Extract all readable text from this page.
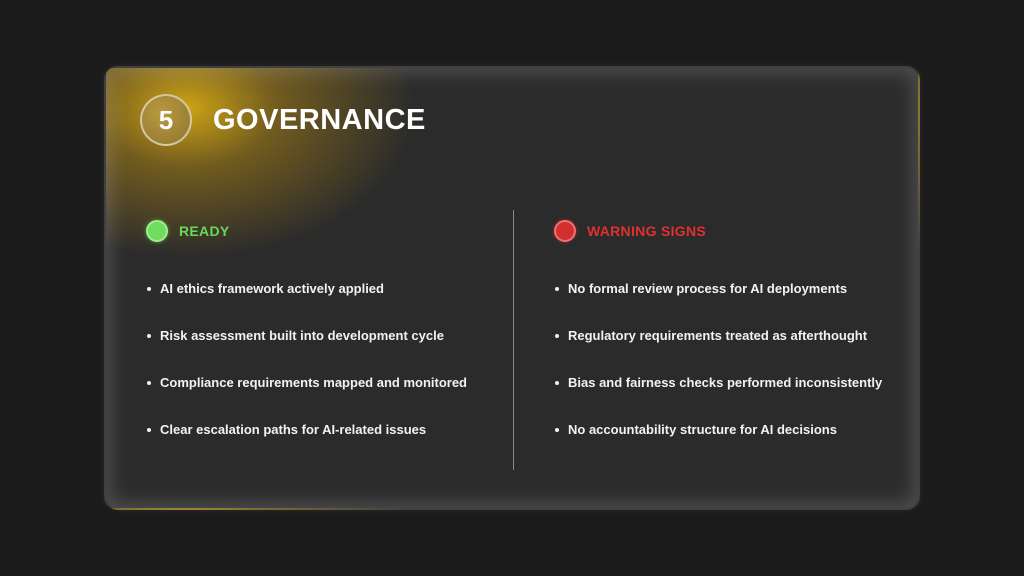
5	GOVERNANCE
READY
AI ethics framework actively applied
Risk assessment built into development cycle
Compliance requirements mapped and monitored
Clear escalation paths for AI-related issues
WARNING SIGNS
No formal review process for AI deployments
Regulatory requirements treated as afterthought
Bias and fairness checks performed inconsistently
No accountability structure for AI decisions
